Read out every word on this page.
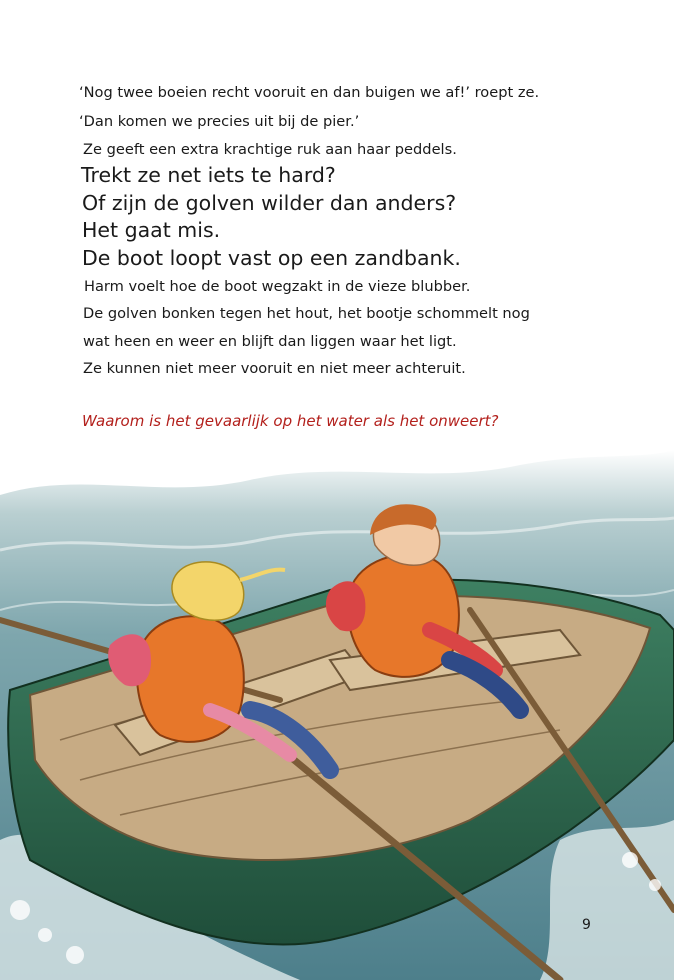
‘Nog twee boeien recht vooruit en dan buigen we af!’ roept ze.
‘Dan komen we precies uit bij de pier.’
Ze geeft een extra krachtige ruk aan haar peddels.
Trekt ze net iets te hard?
Of zijn de golven wilder dan anders?
Het gaat mis.
De boot loopt vast op een zandbank.
Harm voelt hoe de boot wegzakt in de vieze blubber.
De golven bonken tegen het hout, het bootje schommelt nog
wat heen en weer en blijft dan liggen waar het ligt.
Ze kunnen niet meer vooruit en niet meer achteruit.
Waarom is het gevaarlijk op het water als het onweert?
9
